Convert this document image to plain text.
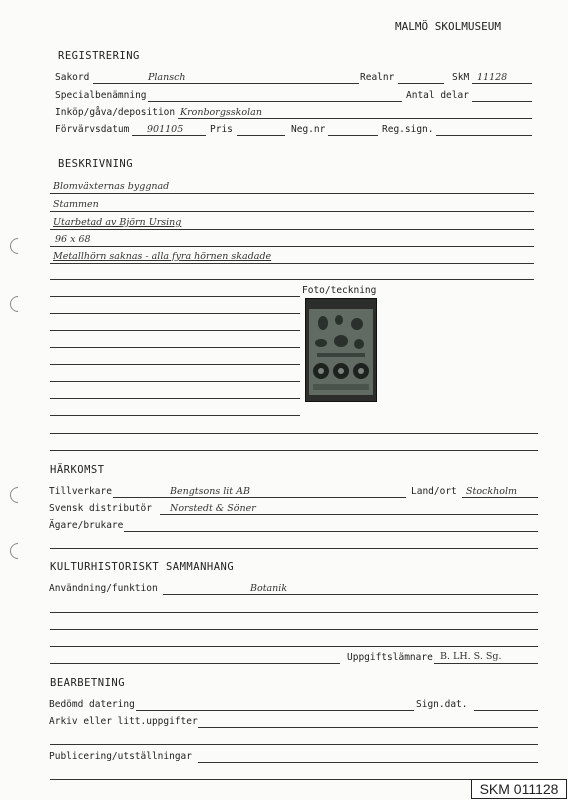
MALMÖ SKOLMUSEUM
REGISTRERING
Sakord	Plansch	Realnr	SkM 11128
Specialbenämning	Antal delar
Inköp/gåva/deposition Kronborgsskolan
Förvärvsdatum 901105	Pris	Neg.nr	Reg.sign.
BESKRIVNING
Blomväxternas byggnad
Stammen
Utarbetad av Björn Ursing
96 x 68
Metallhörn saknas - alla fyra hörnen skadade
Foto/teckning
HÄRKOMST
Tillverkare	Bengtsons lit AB	Land/ort Stockholm
Svensk distributör Norstedt & Söner
Ägare/brukare
KULTURHISTORISKT SAMMANHANG
Användning/funktion	Botanik
Uppgiftslämnare B. LH. S. Sg.
BEARBETNING
Bedömd datering	Sign.dat.
Arkiv eller litt.uppgifter
Publicering/utställningar
SKM 011128
